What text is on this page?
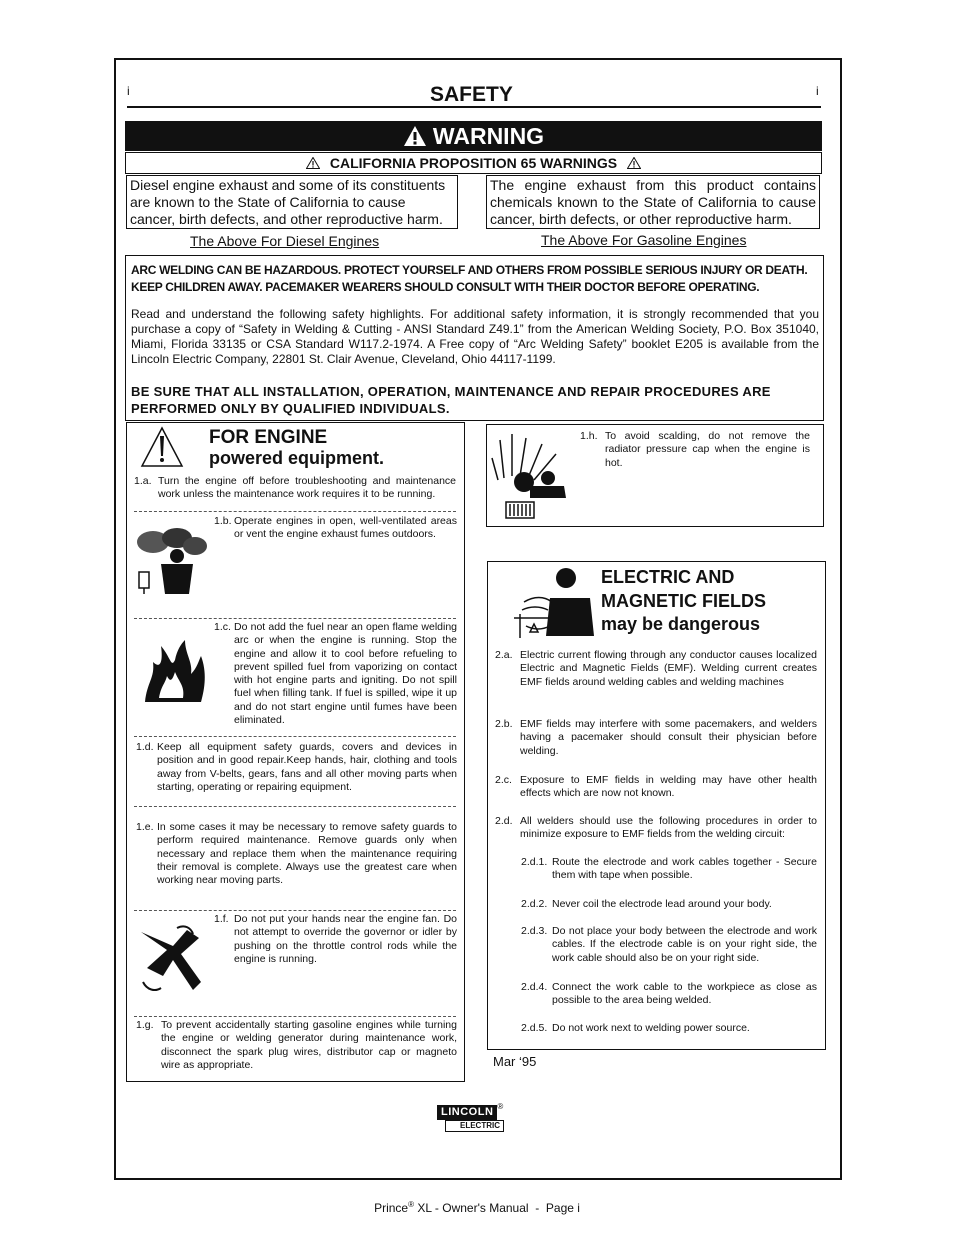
i	i
SAFETY
WARNING
CALIFORNIA PROPOSITION 65 WARNINGS
Diesel engine exhaust and some of its constituents are known to the State of California to cause cancer, birth defects, and other reproductive harm.
The engine exhaust from this product contains chemicals known to the State of California to cause cancer, birth defects, or other reproductive harm.
The Above For Diesel Engines	The Above For Gasoline Engines
ARC WELDING CAN BE HAZARDOUS. PROTECT YOURSELF AND OTHERS FROM POSSIBLE SERIOUS INJURY OR DEATH. KEEP CHILDREN AWAY. PACEMAKER WEARERS SHOULD CONSULT WITH THEIR DOCTOR BEFORE OPERATING.
Read and understand the following safety highlights. For additional safety information, it is strongly recommended that you purchase a copy of “Safety in Welding & Cutting - ANSI Standard Z49.1” from the American Welding Society, P.O. Box 351040, Miami, Florida 33135 or CSA Standard W117.2-1974. A Free copy of “Arc Welding Safety” booklet E205 is available from the Lincoln Electric Company, 22801 St. Clair Avenue, Cleveland, Ohio 44117-1199.
BE SURE THAT ALL INSTALLATION, OPERATION, MAINTENANCE AND REPAIR PROCEDURES ARE PERFORMED ONLY BY QUALIFIED INDIVIDUALS.
FOR ENGINE
powered equipment.
1.a. Turn the engine off before troubleshooting and maintenance work unless the maintenance work requires it to be running.
1.b. Operate engines in open, well-ventilated areas or vent the engine exhaust fumes outdoors.
1.c. Do not add the fuel near an open flame welding arc or when the engine is running. Stop the engine and allow it to cool before refueling to prevent spilled fuel from vaporizing on contact with hot engine parts and igniting. Do not spill fuel when filling tank. If fuel is spilled, wipe it up and do not start engine until fumes have been eliminated.
1.d. Keep all equipment safety guards, covers and devices in position and in good repair.Keep hands, hair, clothing and tools away from V-belts, gears, fans and all other moving parts when starting, operating or repairing equipment.
1.e. In some cases it may be necessary to remove safety guards to perform required maintenance. Remove guards only when necessary and replace them when the maintenance requiring their removal is complete. Always use the greatest care when working near moving parts.
1.f. Do not put your hands near the engine fan. Do not attempt to override the governor or idler by pushing on the throttle control rods while the engine is running.
1.g. To prevent accidentally starting gasoline engines while turning the engine or welding generator during maintenance work, disconnect the spark plug wires, distributor cap or magneto wire as appropriate.
1.h. To avoid scalding, do not remove the radiator pressure cap when the engine is hot.
ELECTRIC AND
MAGNETIC FIELDS
may be dangerous
2.a. Electric current flowing through any conductor causes localized Electric and Magnetic Fields (EMF). Welding current creates EMF fields around welding cables and welding machines
2.b. EMF fields may interfere with some pacemakers, and welders having a pacemaker should consult their physician before welding.
2.c. Exposure to EMF fields in welding may have other health effects which are now not known.
2.d. All welders should use the following procedures in order to minimize exposure to EMF fields from the welding circuit:
2.d.1. Route the electrode and work cables together - Secure them with tape when possible.
2.d.2. Never coil the electrode lead around your body.
2.d.3. Do not place your body between the electrode and work cables. If the electrode cable is on your right side, the work cable should also be on your right side.
2.d.4. Connect the work cable to the workpiece as close as possible to the area being welded.
2.d.5. Do not work next to welding power source.
Mar ‘95
LINCOLN ®
ELECTRIC
Prince® XL - Owner's Manual  -  Page i
